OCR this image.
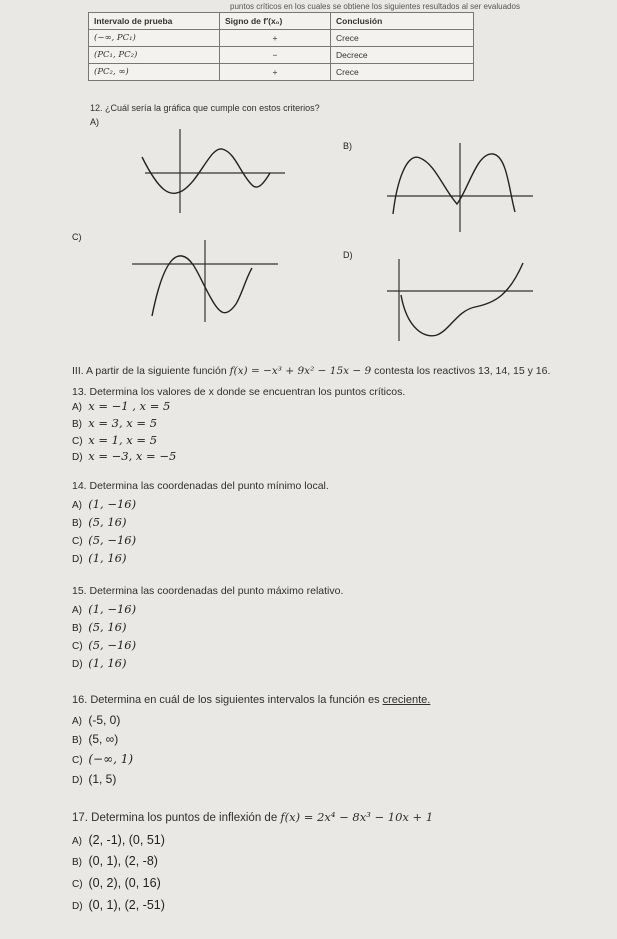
puntos críticos en los cuales se obtiene los siguientes resultados al ser evaluados
Intervalo de prueba	Signo de f′(x₀)	Conclusión
(−∞, PC₁)	+	Crece
(PC₁, PC₂)	−	Decrece
(PC₂, ∞)	+	Crece
12. ¿Cuál sería la gráfica que cumple con estos criterios?
A)
B)
C)
D)
III. A partir de la siguiente función f(x) = −x³ + 9x² − 15x − 9 contesta los reactivos 13, 14, 15 y 16.
13. Determina los valores de x donde se encuentran los puntos críticos.
A) x = −1 , x = 5
B) x = 3, x = 5
C) x = 1, x = 5
D) x = −3, x = −5
14. Determina las coordenadas del punto mínimo local.
A) (1, −16)
B) (5, 16)
C) (5, −16)
D) (1, 16)
15. Determina las coordenadas del punto máximo relativo.
A) (1, −16)
B) (5, 16)
C) (5, −16)
D) (1, 16)
16. Determina en cuál de los siguientes intervalos la función es creciente.
A) (-5, 0)
B) (5, ∞)
C) (−∞, 1)
D) (1, 5)
17. Determina los puntos de inflexión de f(x) = 2x⁴ − 8x³ − 10x + 1
A) (2, -1), (0, 51)
B) (0, 1), (2, -8)
C) (0, 2), (0, 16)
D) (0, 1), (2, -51)
